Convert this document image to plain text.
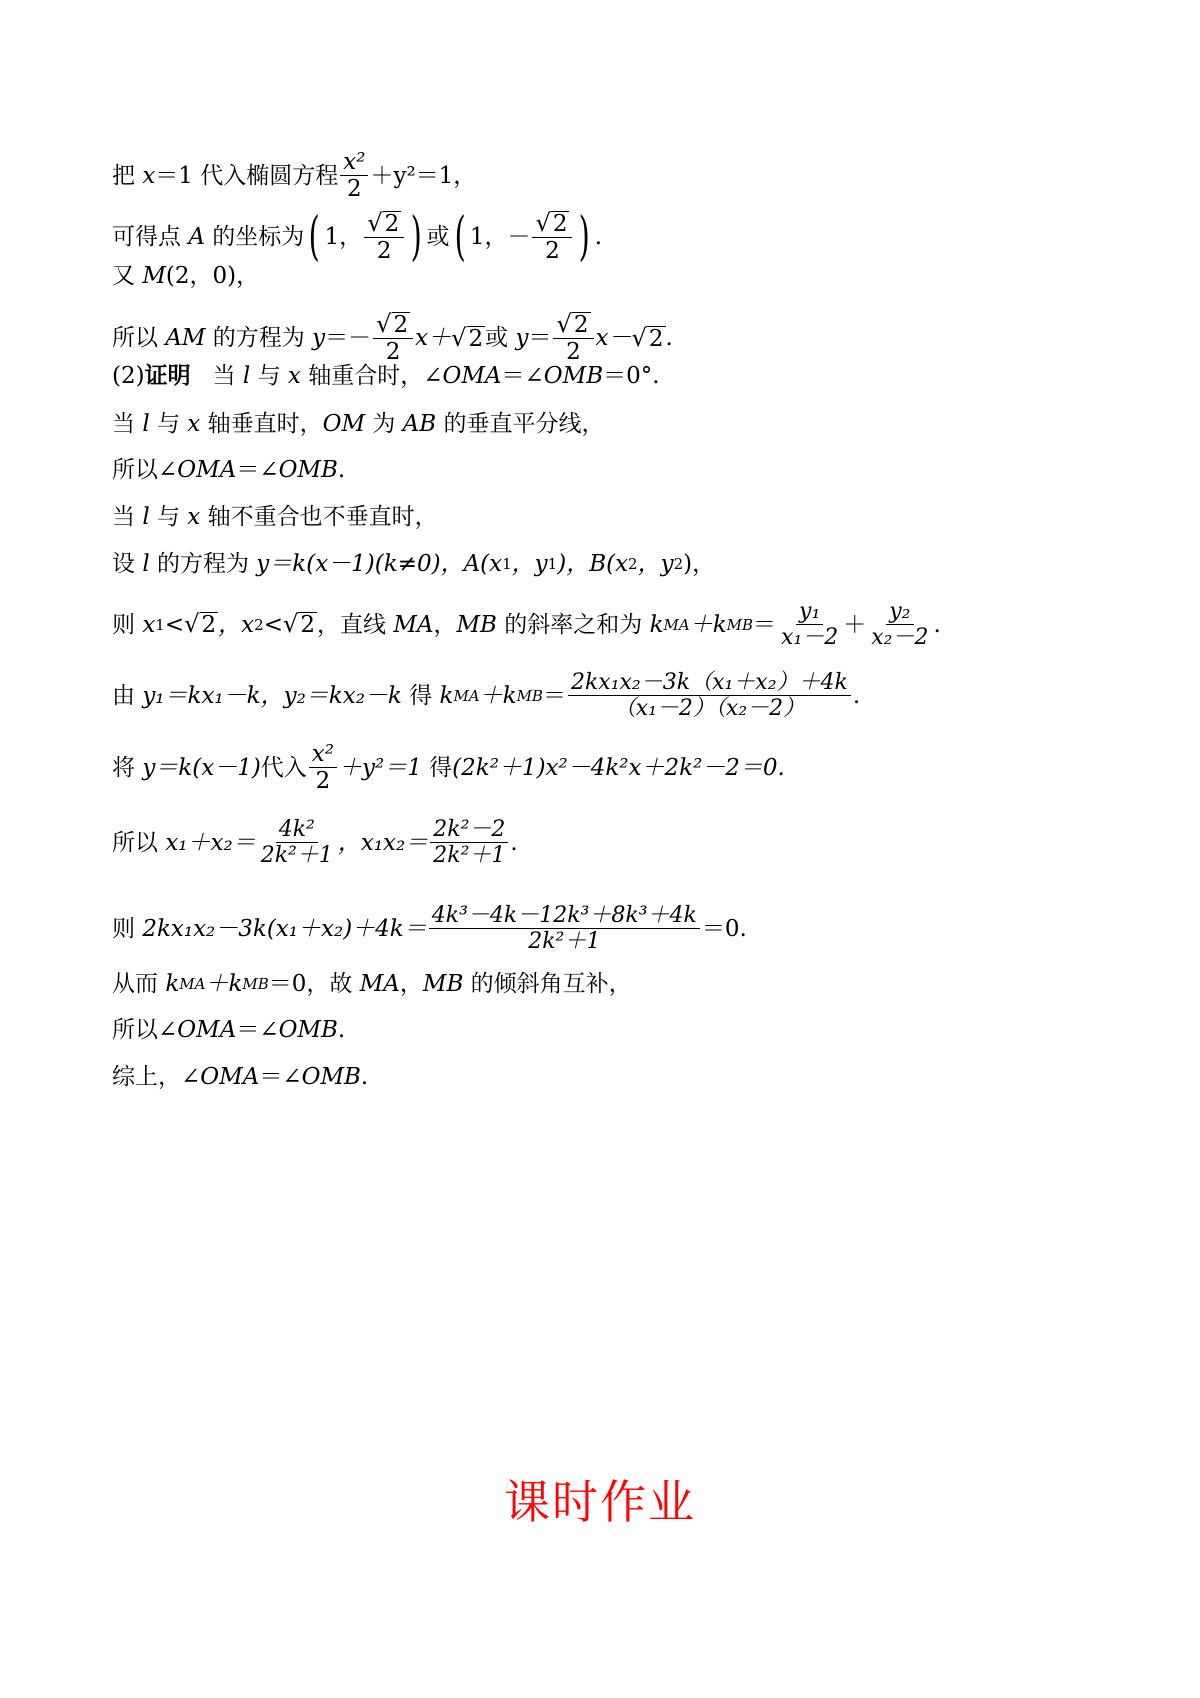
把
x ＝1 代入椭圆方程 $\frac{\text{x²}}{2} +y^2=1$，
可得点
A
的坐标为 ( 1， $\frac{√ 2}{2}$ ) 或 ( 1，－ $\frac{√ 2}{2}$ ) .
又
M (2，0)，
所以
AM
的方程为
$y =- \frac{√ 2}{2} x+$ √ 2 或
$y = \frac{√ 2}{2} x-$ √ 2 .
(2) 证明 当
l
与
x
轴重合时，∠ OMA ＝∠ OMB ＝0°.
当
l
与
x
轴垂直时， OM
为
AB
的垂直平分线，
所以∠ OMA ＝∠ OMB .
当
l
与
x
轴不重合也不垂直时，
设
l
的方程为
y＝k(x－1)(k≠0)，A(x 1 ，y 1 )，B(x 2 ，y 2 )，
则
x 1 < √ 2 ，x 2 < √ 2 ，直线
MA ， MB
的斜率之和为
k MA ＋k MB ＝ $\frac{\text{y₁}}{\text{x₁－2}} + \frac{\text{y₂}}{\text{x₂－2}}$ .
由
y₁＝kx₁－k，y₂＝kx₂－k
得
k MA ＋k MB ＝ $\frac{\text{2kx₁x₂－3k（x₁＋x₂）＋4k}}{\text{（x₁－2）（x₂－2）}}$ .
将
y＝k(x－1) 代入 $\frac{\text{x²}}{2} +y^2=1$
得 (2k²＋1)x²－4k²x＋2k²－2＝0.
所以
$x_1+x_2= \frac{\text{4k²}}{\text{2k²＋1}}$ ，$x_1x_2= \frac{\text{2k²－2}}{\text{2k²＋1}}$ .
则
$2kx_1x_2-3k(x_1+x_2)+4k= \frac{\text{4k³－4k－12k³＋8k³＋4k}}{\text{2k²＋1}} =0$.
从而
k MA ＋k MB ＝0，故
MA ， MB
的倾斜角互补，
所以∠ OMA ＝∠ OMB .
综上，∠ OMA ＝∠ OMB .
课时作业
